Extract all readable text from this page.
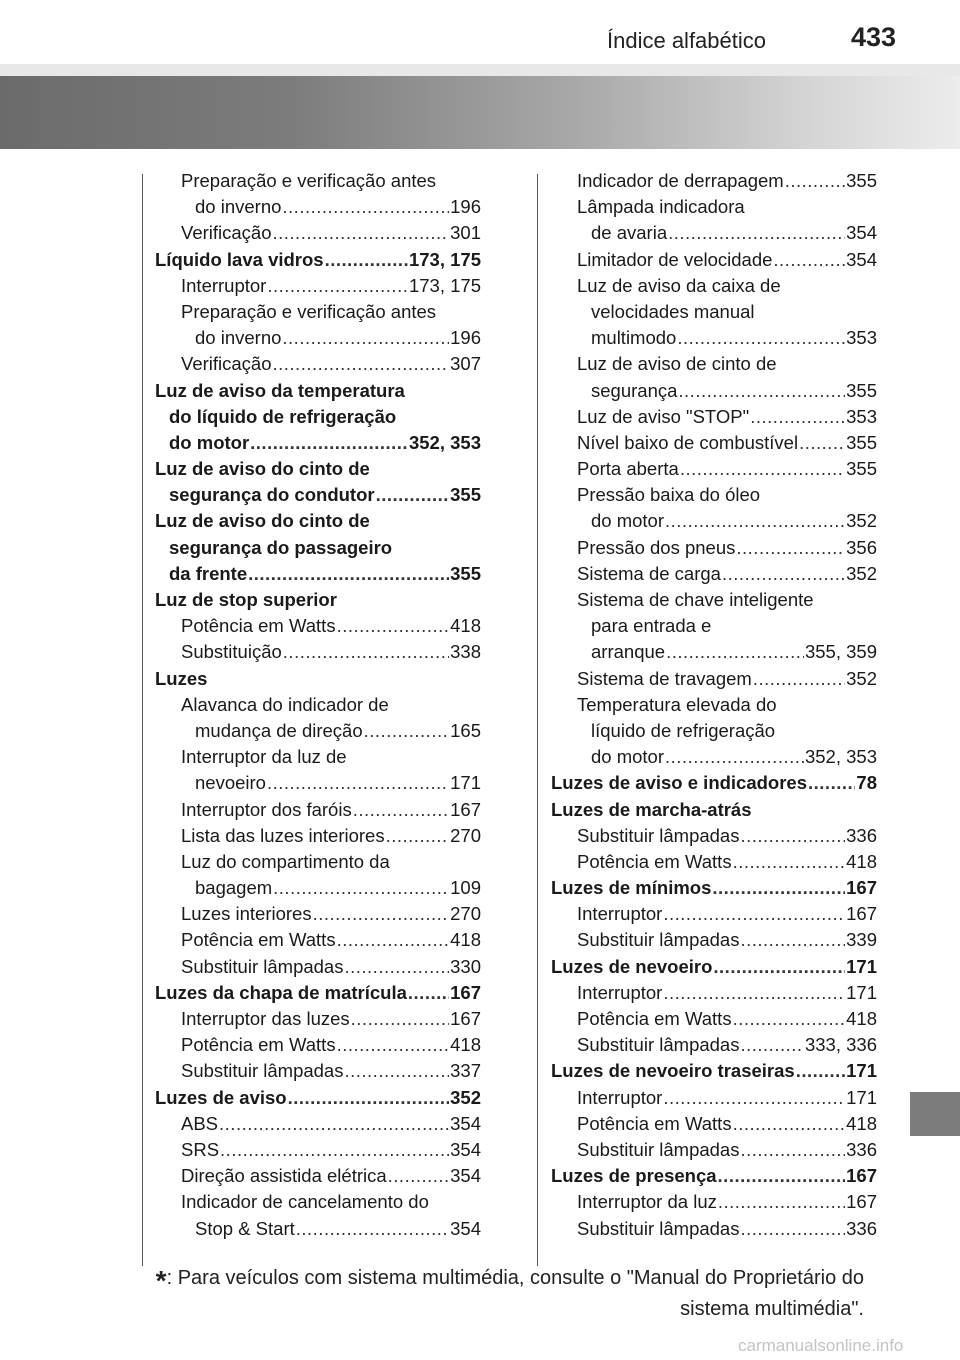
Índice alfabético	433
Preparação e verificação antes
do inverno .....	196
Verificação .....	301
Líquido lava vidros .....	173, 175
Interruptor .....	173, 175
Preparação e verificação antes
do inverno .....	196
Verificação .....	307
Luz de aviso da temperatura
do líquido de refrigeração
do motor .....	352, 353
Luz de aviso do cinto de
segurança do condutor .....	355
Luz de aviso do cinto de
segurança do passageiro
da frente .....	355
Luz de stop superior
Potência em Watts .....	418
Substituição .....	338
Luzes
Alavanca do indicador de
mudança de direção .....	165
Interruptor da luz de
nevoeiro .....	171
Interruptor dos faróis .....	167
Lista das luzes interiores .....	270
Luz do compartimento da
bagagem .....	109
Luzes interiores .....	270
Potência em Watts .....	418
Substituir lâmpadas .....	330
Luzes da chapa de matrícula ..... 167
Interruptor das luzes .....	167
Potência em Watts .....	418
Substituir lâmpadas .....	337
Luzes de aviso .....	352
ABS .....	354
SRS .....	354
Direção assistida elétrica .....	354
Indicador de cancelamento do
Stop & Start .....	354
Indicador de derrapagem .....	355
Lâmpada indicadora
de avaria .....	354
Limitador de velocidade .....	354
Luz de aviso da caixa de
velocidades manual
multimodo .....	353
Luz de aviso de cinto de
segurança .....	355
Luz de aviso "STOP" .....	353
Nível baixo de combustível .....	355
Porta aberta .....	355
Pressão baixa do óleo
do motor .....	352
Pressão dos pneus .....	356
Sistema de carga .....	352
Sistema de chave inteligente
para entrada e
arranque .....	355, 359
Sistema de travagem .....	352
Temperatura elevada do
líquido de refrigeração
do motor .....	352, 353
Luzes de aviso e indicadores .....	78
Luzes de marcha-atrás
Substituir lâmpadas .....	336
Potência em Watts .....	418
Luzes de mínimos .....	167
Interruptor .....	167
Substituir lâmpadas .....	339
Luzes de nevoeiro .....	171
Interruptor .....	171
Potência em Watts .....	418
Substituir lâmpadas .....	333, 336
Luzes de nevoeiro traseiras .....	171
Interruptor .....	171
Potência em Watts .....	418
Substituir lâmpadas .....	336
Luzes de presença .....	167
Interruptor da luz .....	167
Substituir lâmpadas .....	336
*: Para veículos com sistema multimédia, consulte o "Manual do Proprietário do sistema multimédia".
carmanualsonline.info
